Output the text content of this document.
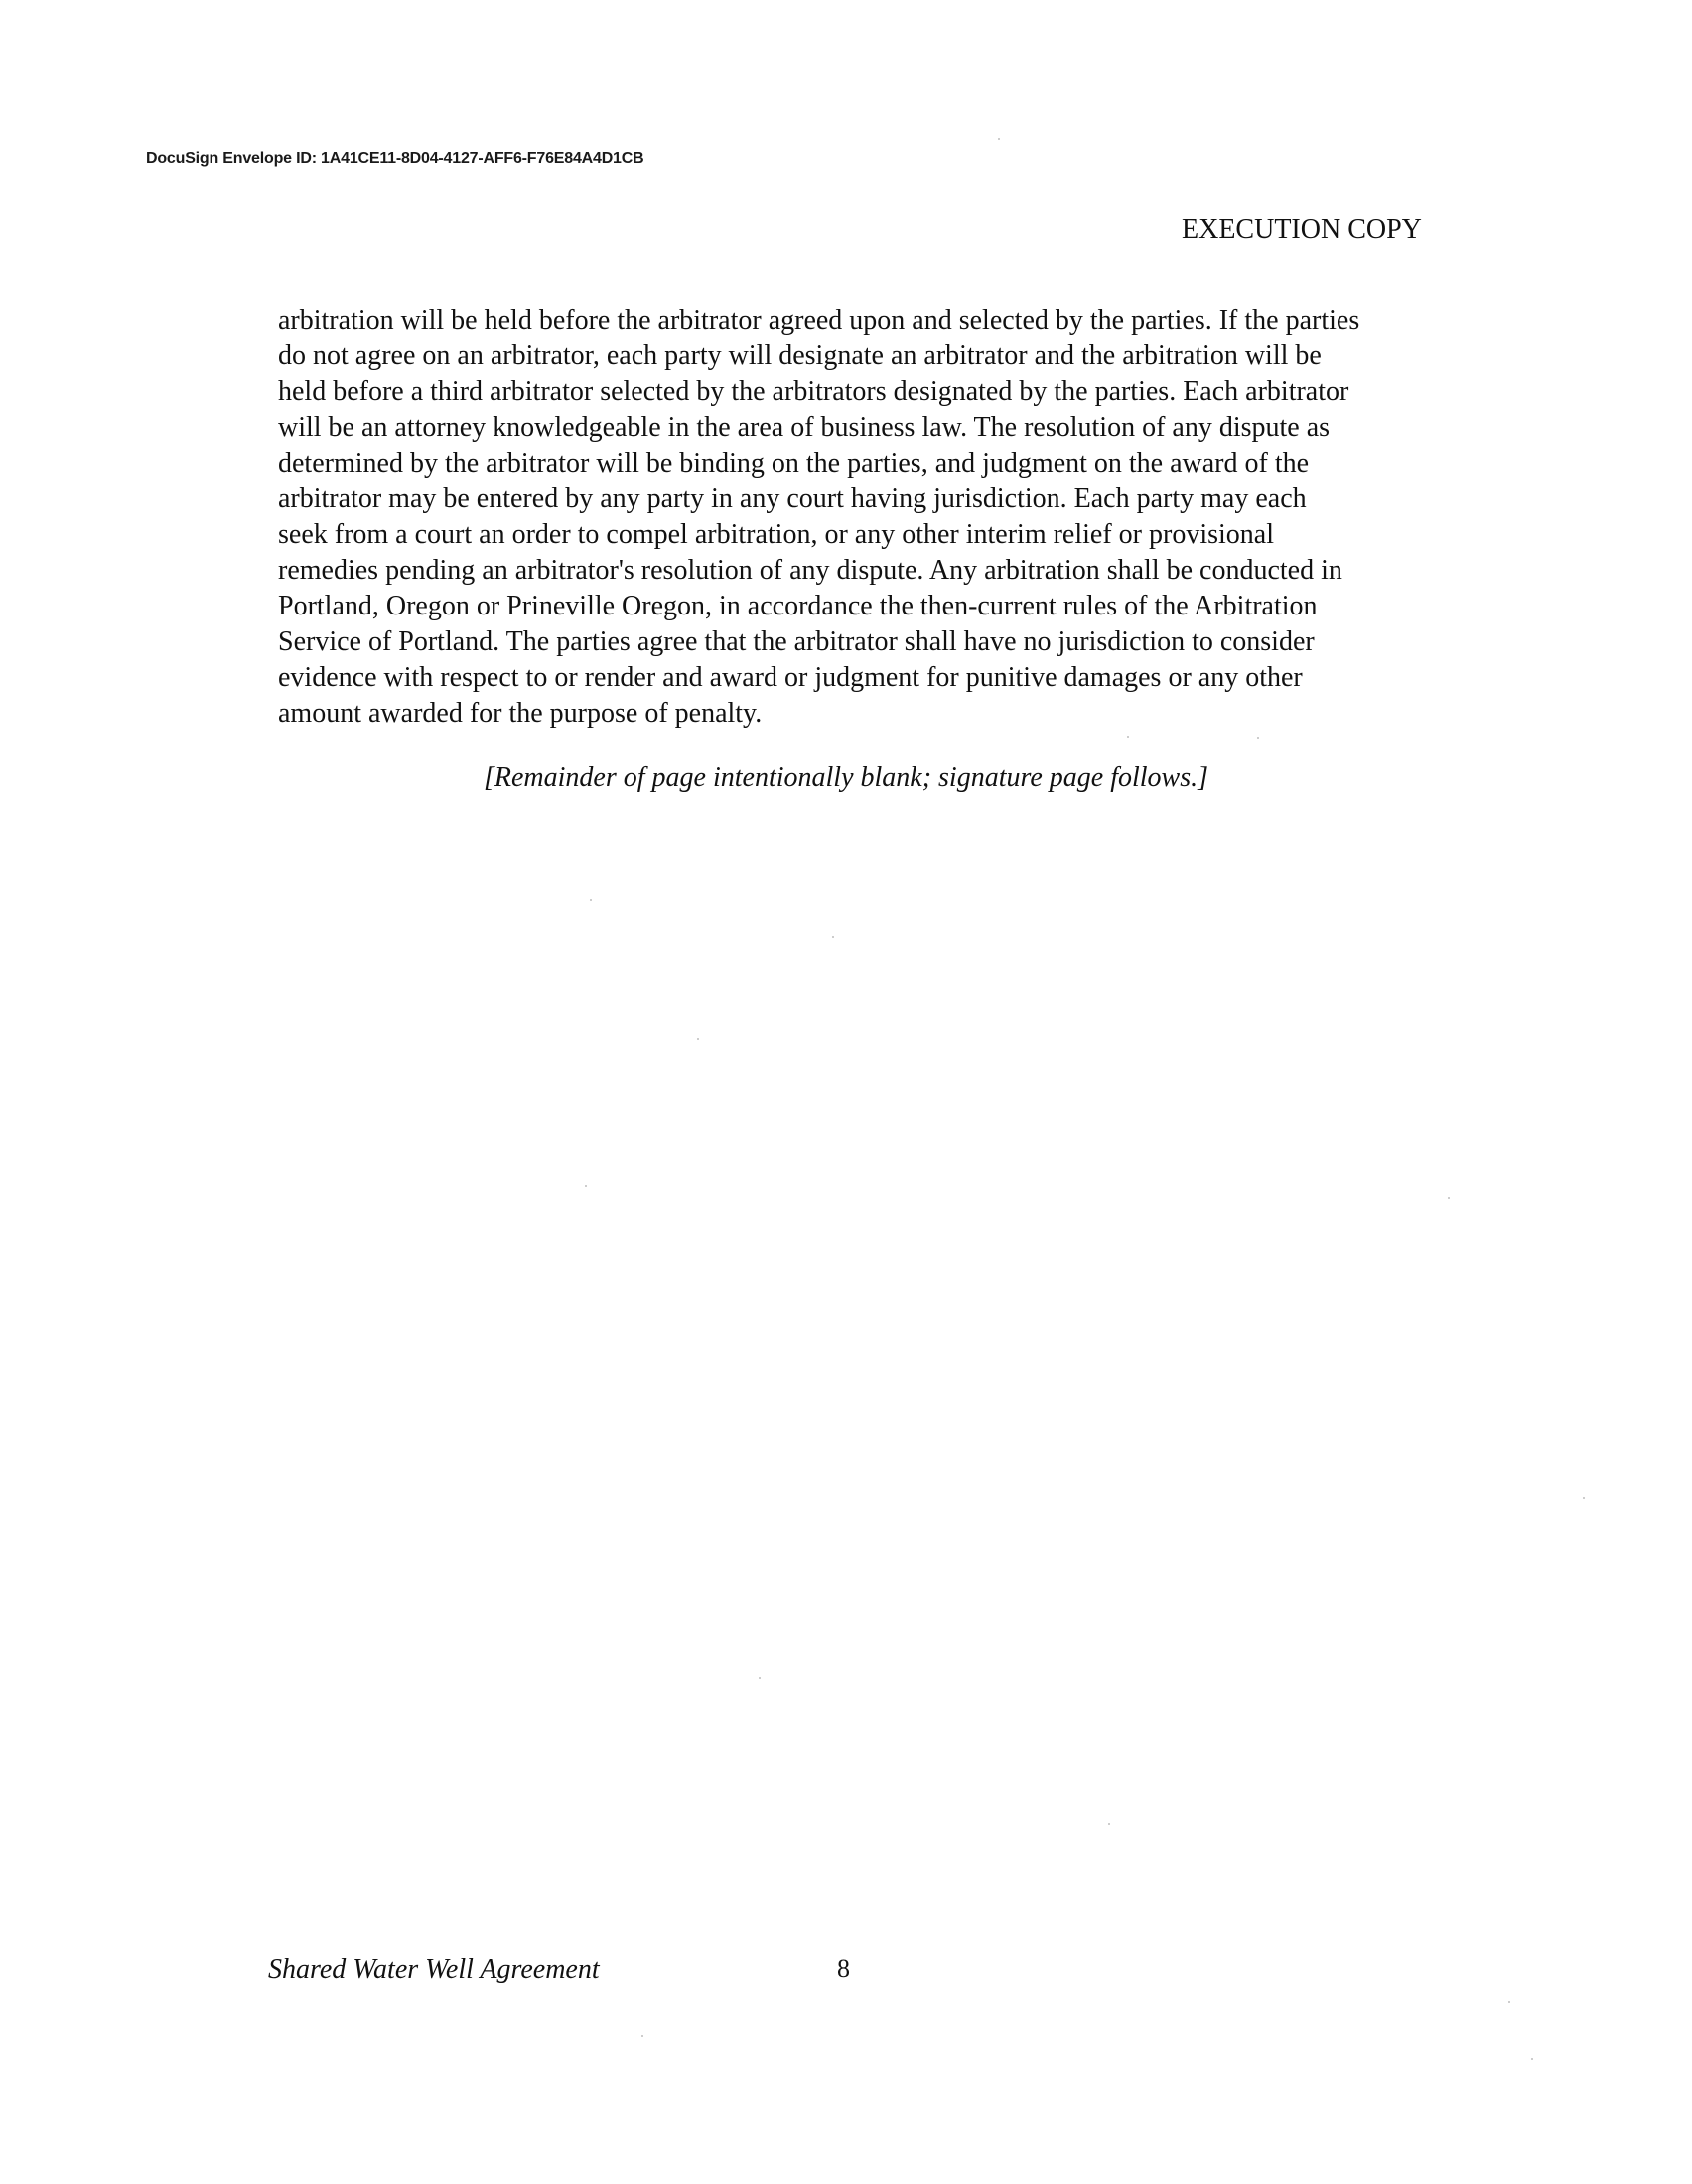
DocuSign Envelope ID: 1A41CE11-8D04-4127-AFF6-F76E84A4D1CB
EXECUTION COPY
arbitration will be held before the arbitrator agreed upon and selected by the parties. If the parties
do not agree on an arbitrator, each party will designate an arbitrator and the arbitration will be
held before a third arbitrator selected by the arbitrators designated by the parties. Each arbitrator
will be an attorney knowledgeable in the area of business law. The resolution of any dispute as
determined by the arbitrator will be binding on the parties, and judgment on the award of the
arbitrator may be entered by any party in any court having jurisdiction. Each party may each
seek from a court an order to compel arbitration, or any other interim relief or provisional
remedies pending an arbitrator's resolution of any dispute. Any arbitration shall be conducted in
Portland, Oregon or Prineville Oregon, in accordance the then-current rules of the Arbitration
Service of Portland. The parties agree that the arbitrator shall have no jurisdiction to consider
evidence with respect to or render and award or judgment for punitive damages or any other
amount awarded for the purpose of penalty.
[Remainder of page intentionally blank; signature page follows.]
Shared Water Well Agreement	8
